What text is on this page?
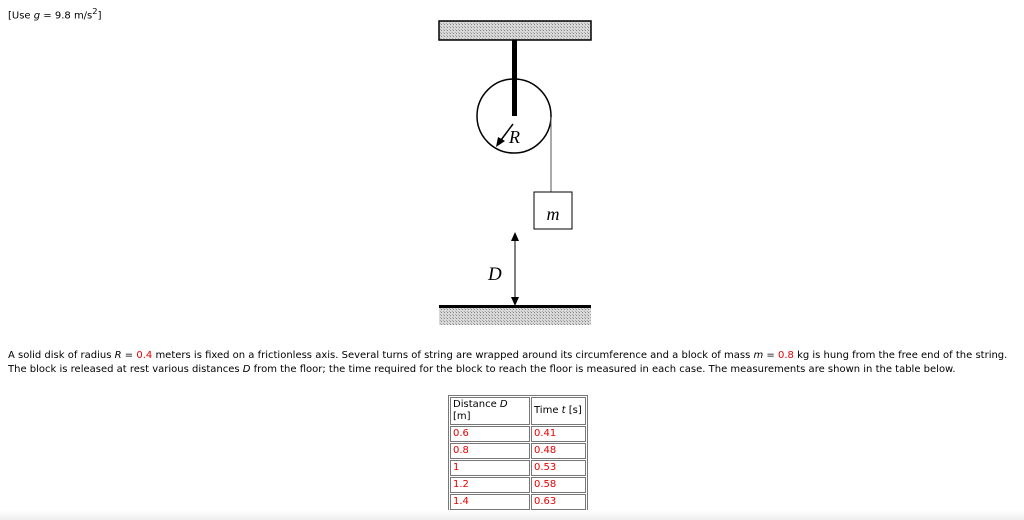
[Use g = 9.8 $m/s^2$]
R
m
D
A solid disk of radius R = 0.4 meters is fixed on a frictionless axis. Several turns of string are wrapped around its circumference and a block of mass m = 0.8 kg is hung from the free end of the string. The block is released at rest various distances D from the floor; the time required for the block to reach the floor is measured in each case. The measurements are shown in the table below.
Distance D [m]	Time t [s]
0.6	0.41
0.8	0.48
1	0.53
1.2	0.58
1.4	0.63
